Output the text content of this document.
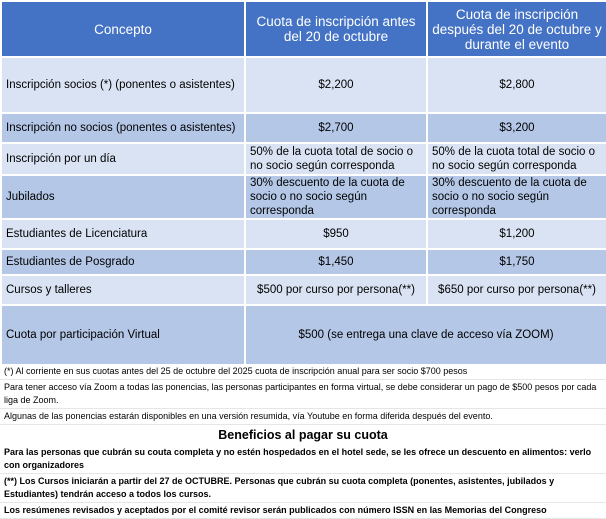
Concepto	Cuota de inscripción antes del 20 de octubre	Cuota de inscripción después del 20 de octubre y durante el evento
Inscripción socios (*) (ponentes o asistentes)	$2,200	$2,800
Inscripción no socios (ponentes o asistentes)	$2,700	$3,200
Inscripción por un día	50% de la cuota total de socio o no socio según corresponda	50% de la cuota total de socio o no socio según corresponda
Jubilados	30% descuento de la cuota de socio o no socio según corresponda	30% descuento de la cuota de socio o no socio según corresponda
Estudiantes de Licenciatura	$950	$1,200
Estudiantes de Posgrado	$1,450	$1,750
Cursos y talleres	$500 por curso por persona(**)	$650 por curso por persona(**)
Cuota por participación Virtual	$500 (se entrega una clave de acceso vía ZOOM)	
(*) Al corriente en sus cuotas antes del 25 de octubre del 2025 cuota de inscripción anual para ser socio $700 pesos
Para tener acceso vía Zoom a todas las ponencias, las personas participantes en forma virtual, se debe considerar un pago de $500 pesos por cada liga de Zoom.
Algunas de las ponencias estarán disponibles en una versión resumida, vía Youtube en forma diferida después del evento.
Beneficios al pagar su cuota
Para las personas que cubrán su couta completa y no estén hospedados en el hotel sede, se les ofrece un descuento en alimentos: verlo con organizadores
(**) Los Cursos iniciarán a partir del 27 de OCTUBRE. Personas que cubrán su cuota completa (ponentes, asistentes, jubilados y Estudiantes) tendrán acceso a todos los cursos.
Los resúmenes revisados y aceptados por el comité revisor serán publicados con número ISSN en las Memorias del Congreso
